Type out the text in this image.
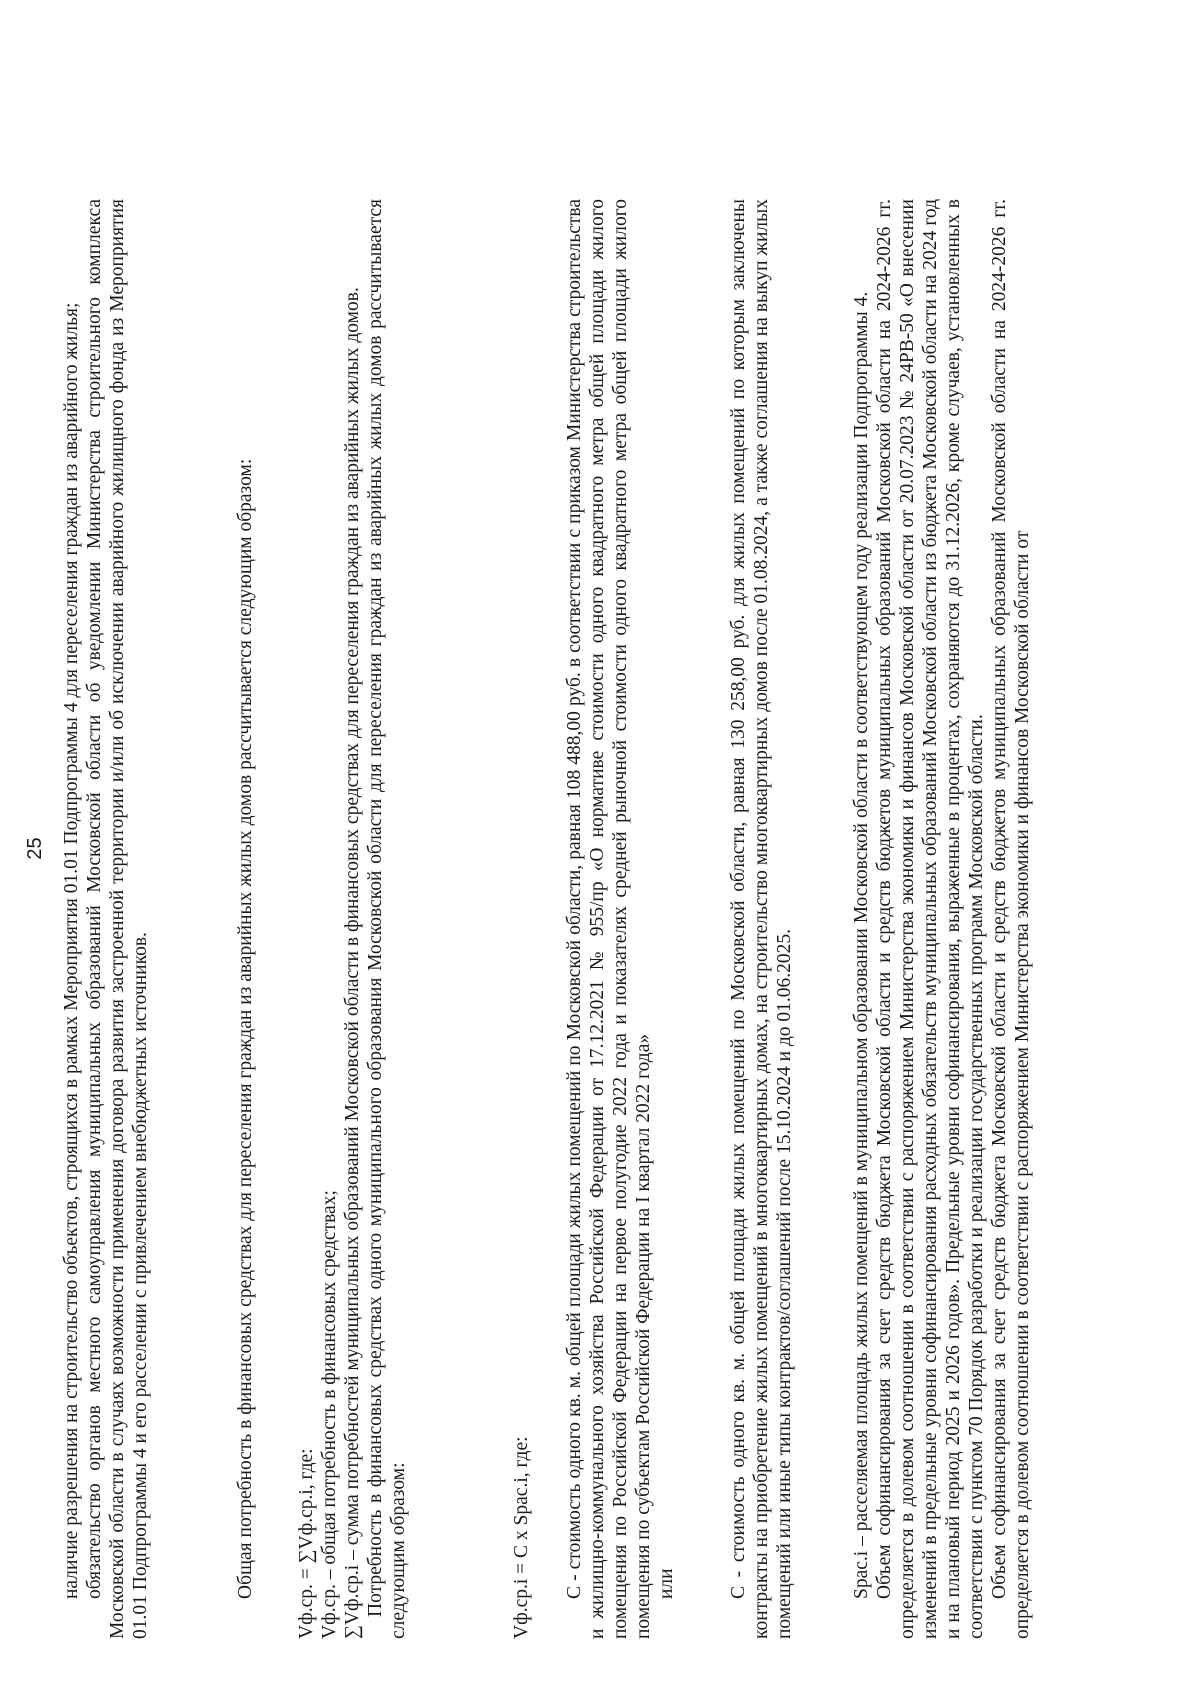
25 наличие разрешения на строительство объектов, строящихся в рамках Мероприятия 01.01 Подпрограммы 4 для переселения граждан из аварийного жилья; обязательство органов местного самоуправления муниципальных образований Московской области об уведомлении Министерства строительного комплекса Московской области в случаях возможности применения договора развития застроенной территории и/или об исключении аварийного жилищного фонда из Мероприятия 01.01 Подпрограммы 4 и его расселении с привлечением внебюджетных источников.	Общая потребность в финансовых средствах для переселения граждан из аварийных жилых домов рассчитывается следующим образом: Vф.ср. = ∑Vф.ср.i, где: Vф.ср. – общая потребность в финансовых средствах; ∑Vф.ср.i – сумма потребностей муниципальных образований Московской области в финансовых средствах для переселения граждан из аварийных жилых домов. Потребность в финансовых средствах одного муниципального образования Московской области для переселения граждан из аварийных жилых домов рассчитывается следующим образом:	Vф.ср.i = С x Sрас.i, где: С - стоимость одного кв. м. общей площади жилых помещений по Московской области, равная 108 488,00 руб. в соответствии с приказом Министерства строительства и жилищно-коммунального хозяйства Российской Федерации от 17.12.2021 № 955/пр «О нормативе стоимости одного квадратного метра общей площади жилого помещения по Российской Федерации на первое полугодие 2022 года и показателях средней рыночной стоимости одного квадратного метра общей площади жилого помещения по субъектам Российской Федерации на I квартал 2022 года» или	С - стоимость одного кв. м. общей площади жилых помещений по Московской области, равная 130 258,00 руб. для жилых помещений по которым заключены контракты на приобретение жилых помещений в многоквартирных домах, на строительство многоквартирных домов после 01.08.2024, а также соглашения на выкуп жилых помещений или иные типы контрактов/соглашений после 15.10.2024 и до 01.06.2025.	Sрас.i – расселяемая площадь жилых помещений в муниципальном образовании Московской области в соответствующем году реализации Подпрограммы 4. Объем софинансирования за счет средств бюджета Московской области и средств бюджетов муниципальных образований Московской области на 2024-2026 гг. определяется в долевом соотношении в соответствии с распоряжением Министерства экономики и финансов Московской области от 20.07.2023 № 24РВ-50 «О внесении изменений в предельные уровни софинансирования расходных обязательств муниципальных образований Московской области из бюджета Московской области на 2024 год и на плановый период 2025 и 2026 годов». Предельные уровни софинансирования, выраженные в процентах, сохраняются до 31.12.2026, кроме случаев, установленных в соответствии с пунктом 70 Порядок разработки и реализации государственных программ Московской области. Объем софинансирования за счет средств бюджета Московской области и средств бюджетов муниципальных образований Московской области на 2024-2026 гг. определяется в долевом соотношении в соответствии с распоряжением Министерства экономики и финансов Московской области от
